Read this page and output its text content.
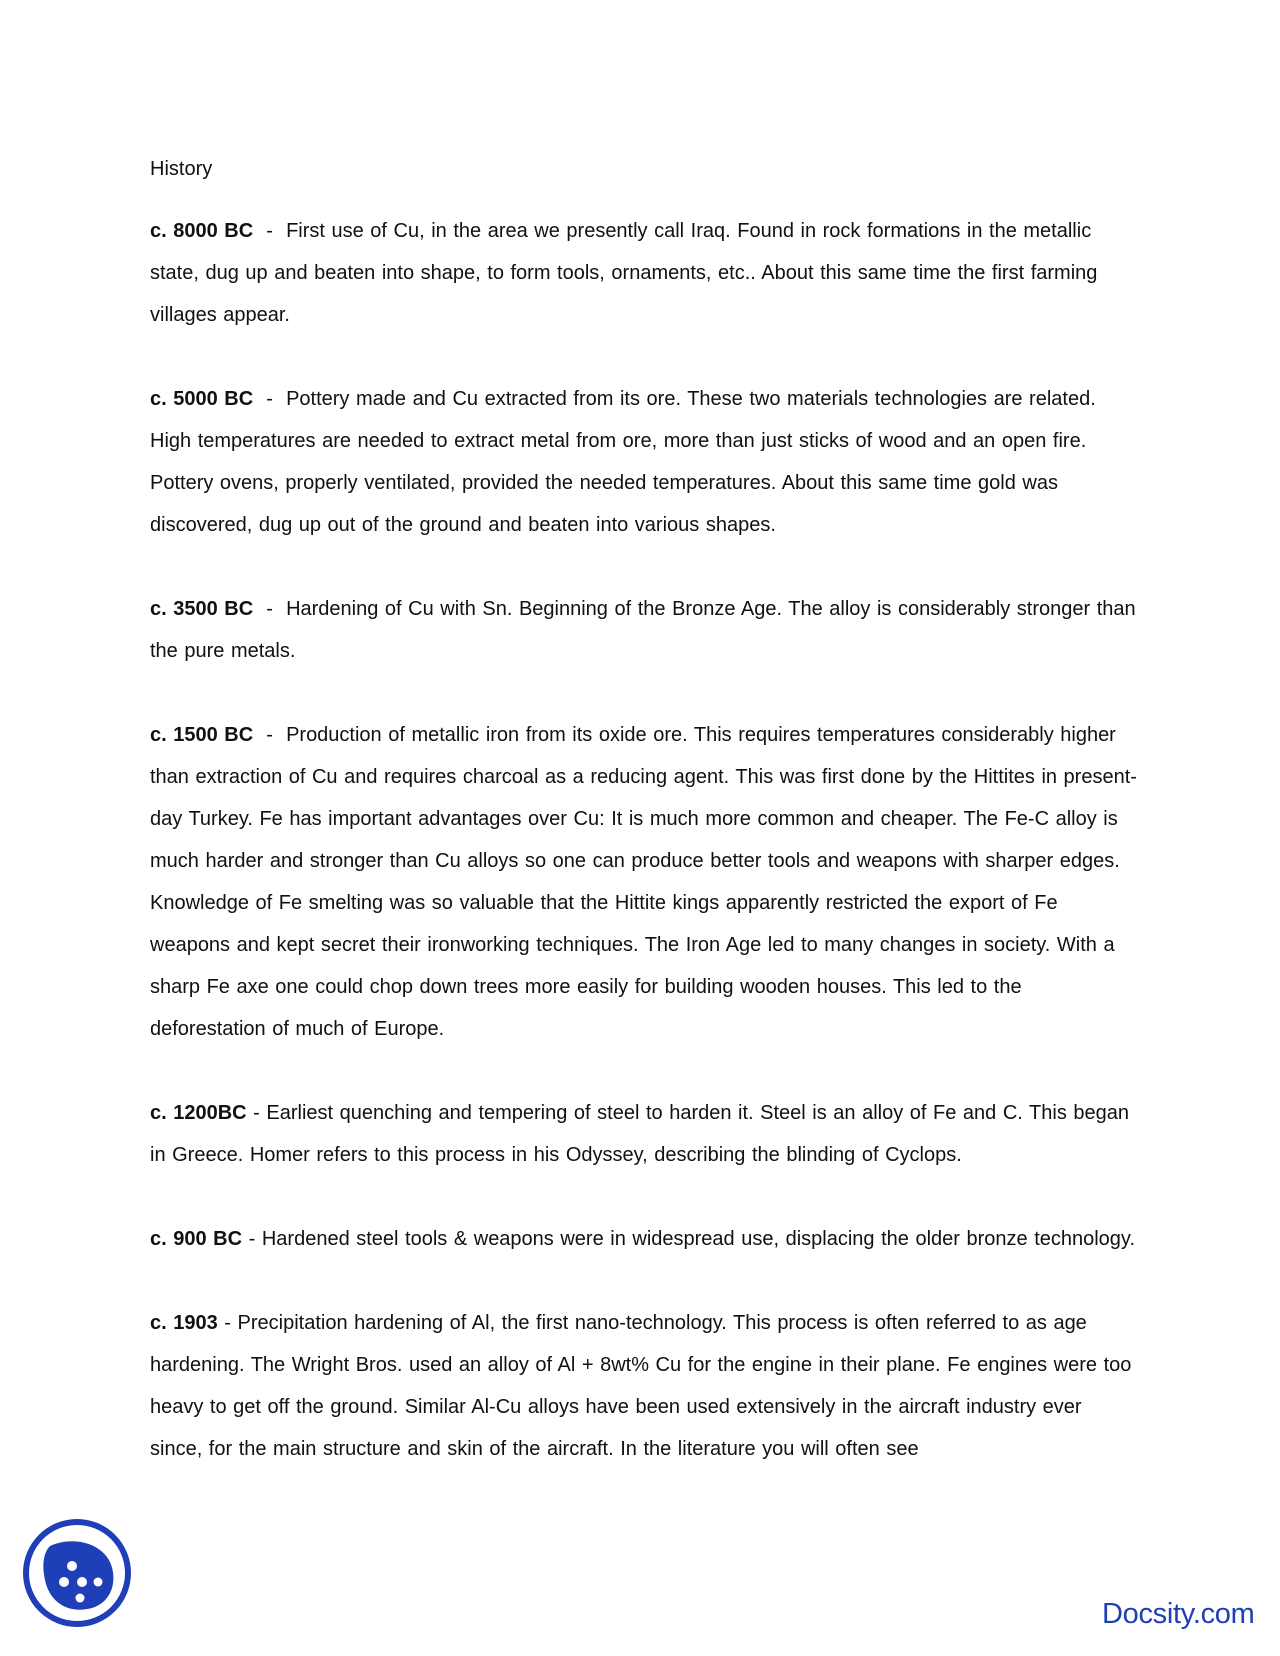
History
c. 8000 BC  -  First use of Cu, in the area we presently call Iraq. Found in rock formations in the metallic state, dug up and beaten into shape, to form tools, ornaments, etc.. About this same time the first farming villages appear.
c. 5000 BC  -  Pottery made and Cu extracted from its ore. These two materials technologies are related. High temperatures are needed to extract metal from ore, more than just sticks of wood and an open fire. Pottery ovens, properly ventilated, provided the needed temperatures. About this same time gold was discovered, dug up out of the ground and beaten into various shapes.
c. 3500 BC  -  Hardening of Cu with Sn. Beginning of the Bronze Age. The alloy is considerably stronger than the pure metals.
c. 1500 BC  -  Production of metallic iron from its oxide ore. This requires temperatures considerably higher than extraction of Cu and requires charcoal as a reducing agent. This was first done by the Hittites in present-day Turkey. Fe has important advantages over Cu: It is much more common and cheaper. The Fe-C alloy is much harder and stronger than Cu alloys so one can produce better tools and weapons with sharper edges. Knowledge of Fe smelting was so valuable that the Hittite kings apparently restricted the export of Fe weapons and kept secret their ironworking techniques. The Iron Age led to many changes in society. With a sharp Fe axe one could chop down trees more easily for building wooden houses. This led to the deforestation of much of Europe.
c. 1200BC - Earliest quenching and tempering of steel to harden it. Steel is an alloy of Fe and C. This began in Greece. Homer refers to this process in his Odyssey, describing the blinding of Cyclops.
c. 900 BC - Hardened steel tools & weapons were in widespread use, displacing the older bronze technology.
c. 1903 - Precipitation hardening of Al, the first nano-technology. This process is often referred to as age hardening. The Wright Bros. used an alloy of Al + 8wt% Cu for the engine in their plane. Fe engines were too heavy to get off the ground. Similar Al-Cu alloys have been used extensively in the aircraft industry ever since, for the main structure and skin of the aircraft. In the literature you will often see
Docsity.com
